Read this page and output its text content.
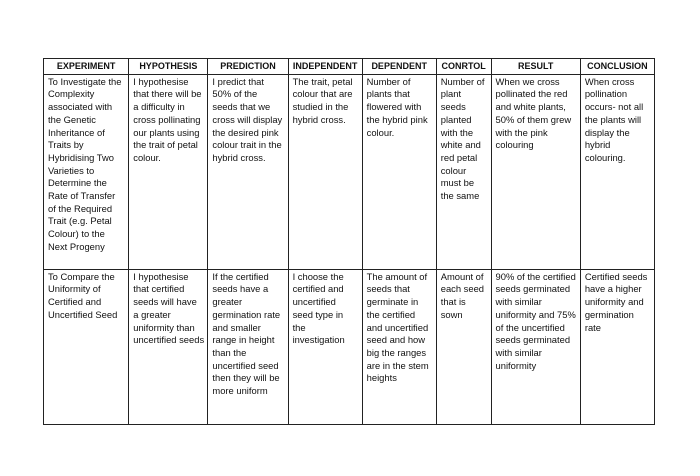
EXPERIMENT	HYPOTHESIS	PREDICTION	INDEPENDENT	DEPENDENT	CONRTOL	RESULT	CONCLUSION
To Investigate the Complexity associated with the Genetic Inheritance of Traits by Hybridising Two Varieties to Determine the Rate of Transfer of the Required Trait (e.g. Petal Colour) to the Next Progeny	I hypothesise that there will be a difficulty in cross pollinating our plants using the trait of petal colour.	I predict that 50% of the seeds that we cross will display the desired pink colour trait in the hybrid cross.	The trait, petal colour that are studied in the hybrid cross.	Number of plants that flowered with the hybrid pink colour.	Number of plant seeds planted with the white and red petal colour must be the same	When we cross pollinated the red and white plants, 50% of them grew with the pink colouring	When cross pollination occurs- not all the plants will display the hybrid colouring.
To Compare the Uniformity of Certified and Uncertified Seed	I hypothesise that certified seeds will have a greater uniformity than uncertified seeds	If the certified seeds have a greater germination rate and smaller range in height than the uncertified seed then they will be more uniform	I choose the certified and uncertified seed type in the investigation	The amount of seeds that germinate in the certified and uncertified seed and how big the ranges are in the stem heights	Amount of each seed that is sown	90% of the certified seeds germinated with similar uniformity and 75% of the uncertified seeds germinated with similar uniformity	Certified seeds have a higher uniformity and germination rate
